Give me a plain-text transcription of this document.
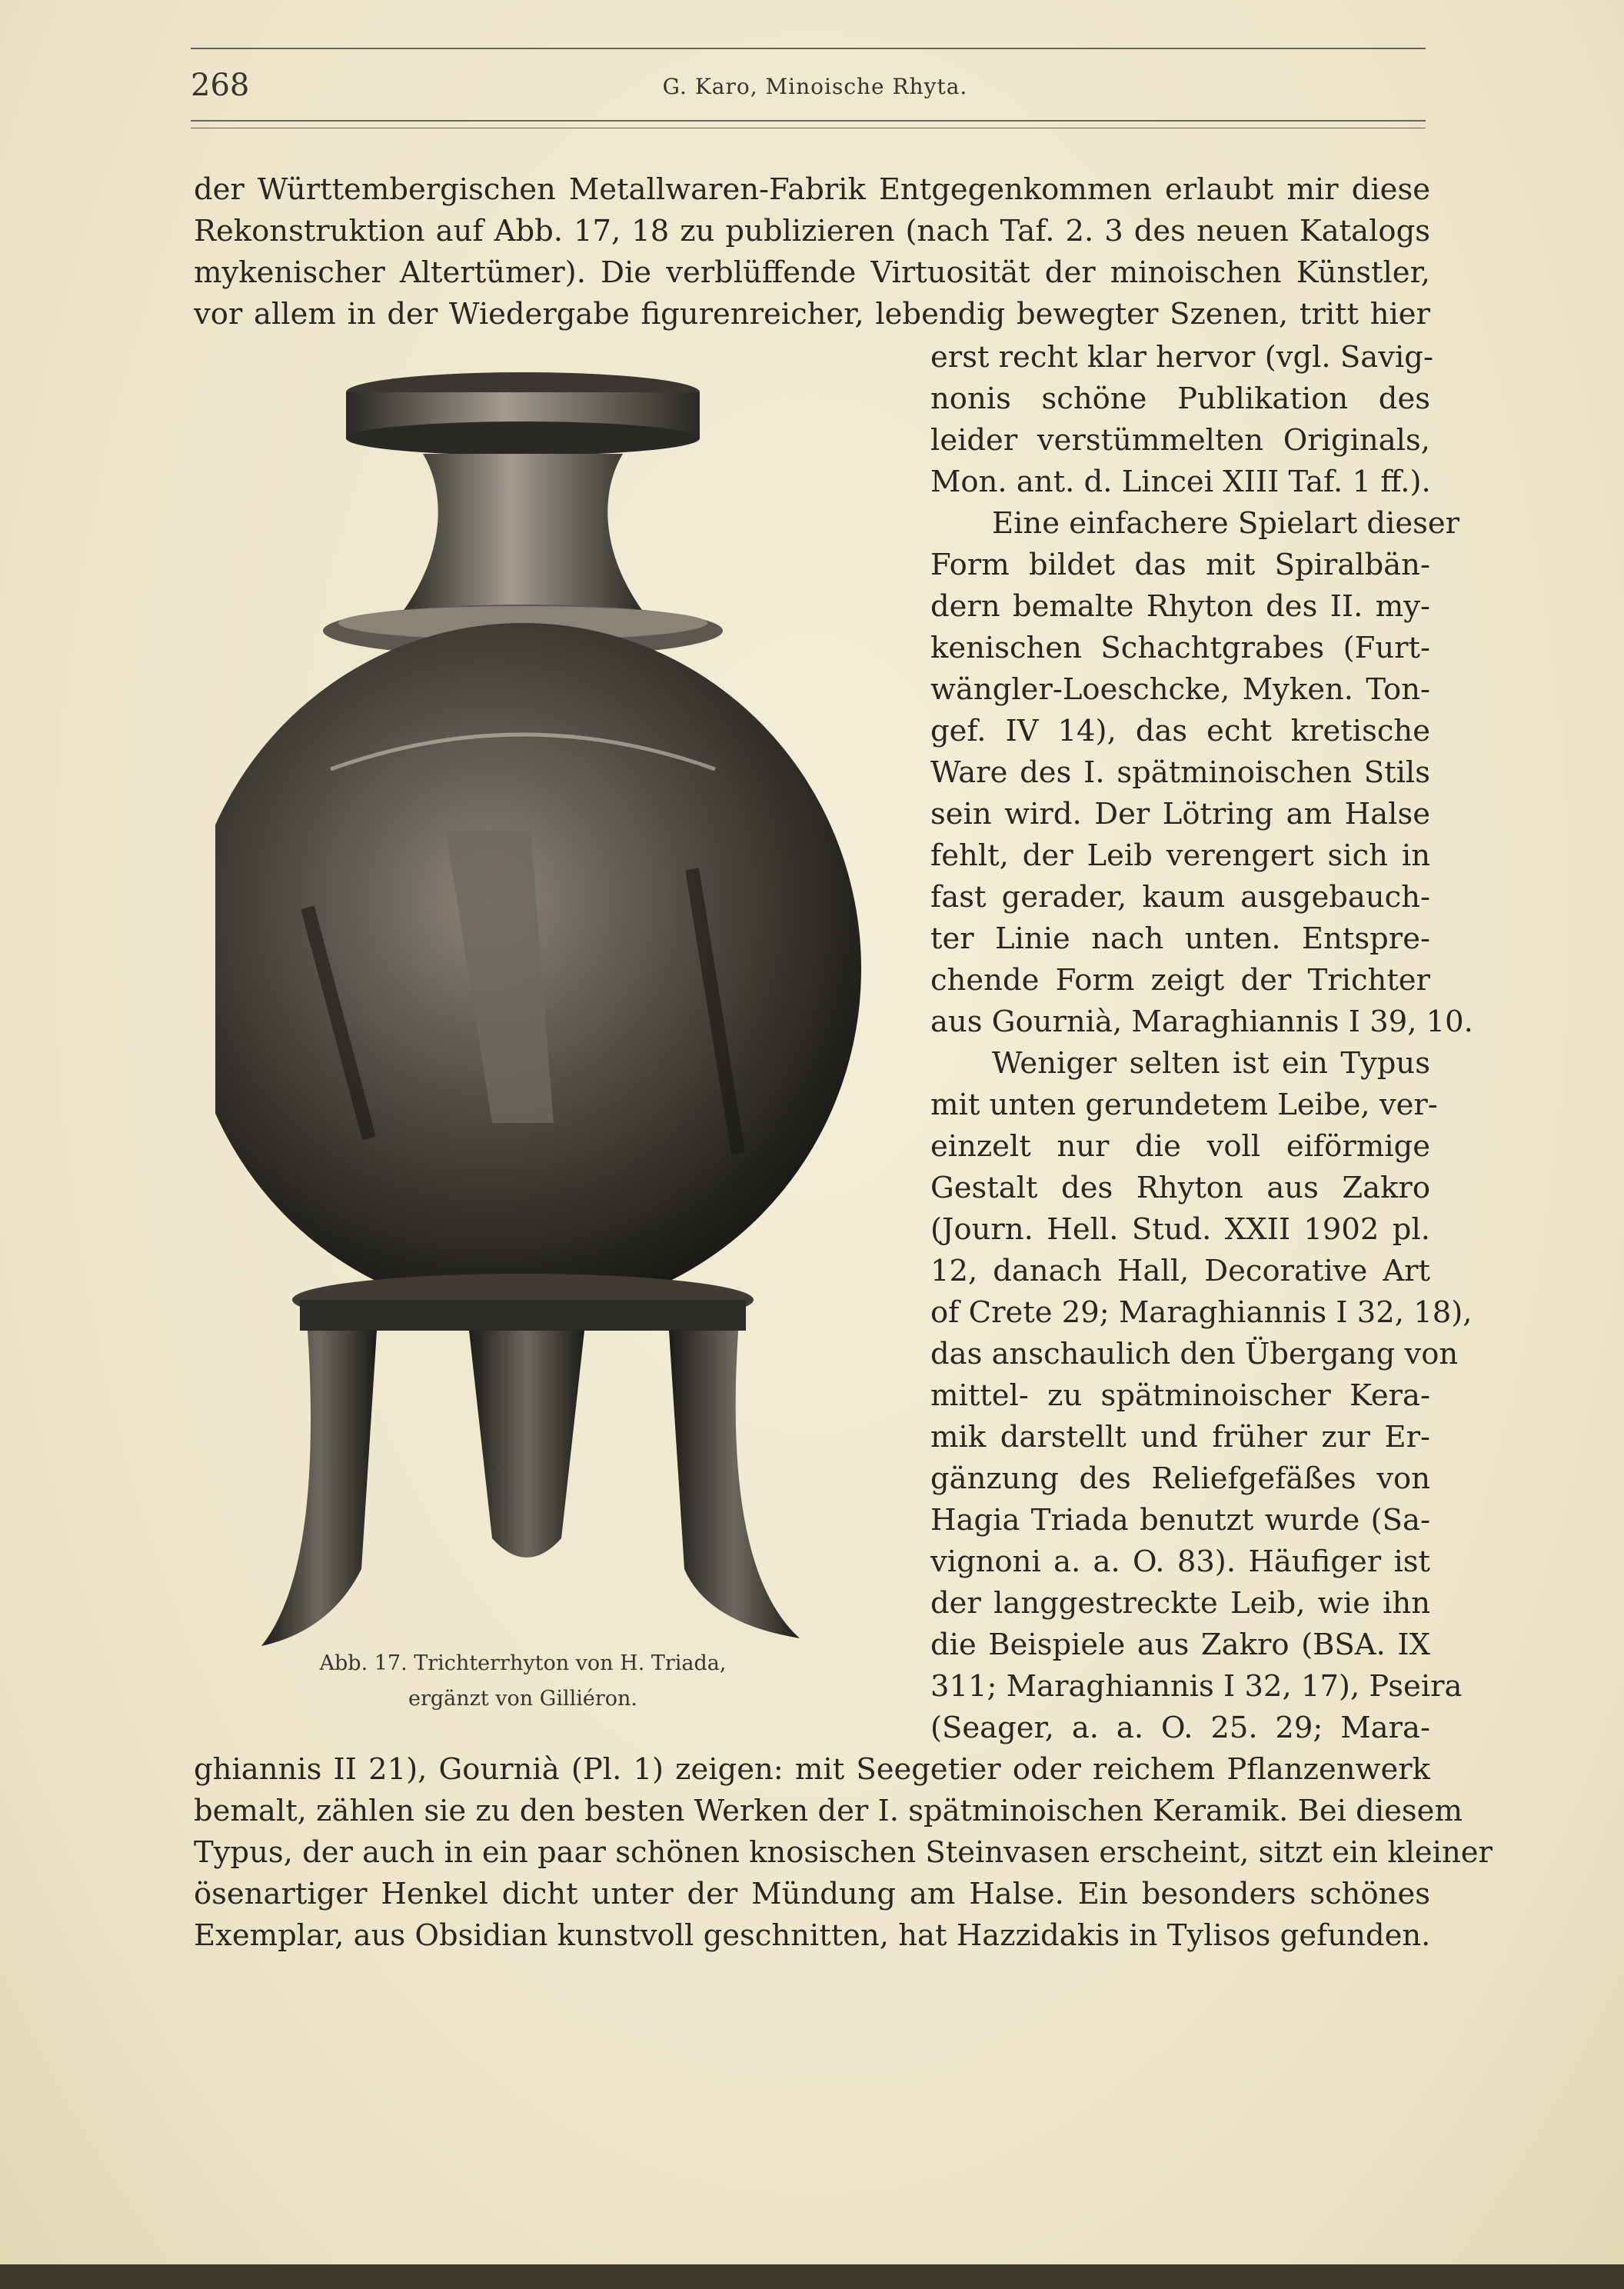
268	G. Karo, Minoische Rhyta.
der Württembergischen Metallwaren-Fabrik Entgegenkommen erlaubt mir diese
Rekonstruktion auf Abb. 17, 18 zu publizieren (nach Taf. 2. 3 des neuen Katalogs
mykenischer Altertümer). Die verblüffende Virtuosität der minoischen Künstler,
vor allem in der Wiedergabe figurenreicher, lebendig bewegter Szenen, tritt hier
Abb. 17. Trichterrhyton von H. Triada,
ergänzt von Gilliéron.
erst recht klar hervor (vgl. Savig-
nonis schöne Publikation des
leider verstümmelten Originals,
Mon. ant. d. Lincei XIII Taf. 1 ff.).
Eine einfachere Spielart dieser
Form bildet das mit Spiralbän-
dern bemalte Rhyton des II. my-
kenischen Schachtgrabes (Furt-
wängler-Loeschcke, Myken. Ton-
gef. IV 14), das echt kretische
Ware des I. spätminoischen Stils
sein wird. Der Lötring am Halse
fehlt, der Leib verengert sich in
fast gerader, kaum ausgebauch-
ter Linie nach unten. Entspre-
chende Form zeigt der Trichter
aus Gournià, Maraghiannis I 39, 10.
Weniger selten ist ein Typus
mit unten gerundetem Leibe, ver-
einzelt nur die voll eiförmige
Gestalt des Rhyton aus Zakro
(Journ. Hell. Stud. XXII 1902 pl.
12, danach Hall, Decorative Art
of Crete 29; Maraghiannis I 32, 18),
das anschaulich den Übergang von
mittel- zu spätminoischer Kera-
mik darstellt und früher zur Er-
gänzung des Reliefgefäßes von
Hagia Triada benutzt wurde (Sa-
vignoni a. a. O. 83). Häufiger ist
der langgestreckte Leib, wie ihn
die Beispiele aus Zakro (BSA. IX
311; Maraghiannis I 32, 17), Pseira
(Seager, a. a. O. 25. 29; Mara-
ghiannis II 21), Gournià (Pl. 1) zeigen: mit Seegetier oder reichem Pflanzenwerk
bemalt, zählen sie zu den besten Werken der I. spätminoischen Keramik. Bei diesem
Typus, der auch in ein paar schönen knosischen Steinvasen erscheint, sitzt ein kleiner
ösenartiger Henkel dicht unter der Mündung am Halse. Ein besonders schönes
Exemplar, aus Obsidian kunstvoll geschnitten, hat Hazzidakis in Tylisos gefunden.
